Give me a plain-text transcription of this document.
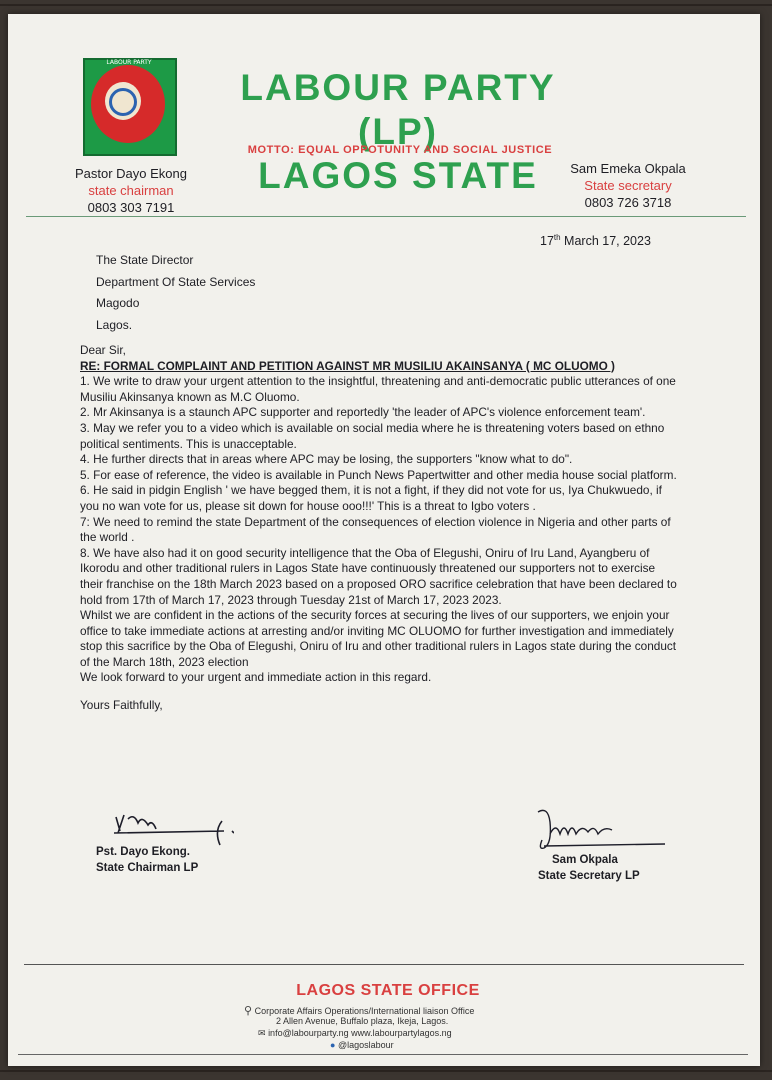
LABOUR PARTY
LABOUR PARTY (LP)
LAGOS STATE
MOTTO: EQUAL OPPOTUNITY AND SOCIAL JUSTICE
Pastor Dayo Ekong
state chairman
0803 303 7191
Sam Emeka Okpala
State secretary
0803 726 3718
17th March 17, 2023
The State Director
Department Of State Services
Magodo
Lagos.

Dear Sir,

RE: FORMAL COMPLAINT AND PETITION AGAINST MR MUSILIU AKAINSANYA ( MC OLUOMO )

1. We write to draw your urgent attention to the insightful, threatening and anti-democratic public utterances of one Musiliu Akinsanya known as M.C Oluomo.

2. Mr Akinsanya is a staunch APC supporter and reportedly 'the leader of APC's violence enforcement team'.

3. May we refer you to a video which is available on social media where he is threatening voters based on ethno political sentiments. This is unacceptable.

4. He further directs that in areas where APC may be losing, the supporters "know what to do".

5. For ease of reference, the video is available in Punch News Papertwitter and other media house social platform.

6. He said in pidgin English ' we have begged them, it is not a fight, if they did not vote for us, Iya Chukwuedo, if you no wan vote for us, please sit down for house ooo!!!' This is a threat to Igbo voters .

7: We need to remind the state Department of the consequences of election violence in Nigeria and other parts of the world .

8. We have also had it on good security intelligence that the Oba of Elegushi, Oniru of Iru Land, Ayangberu of Ikorodu and other traditional rulers in Lagos State have continuously threatened our supporters not to exercise their franchise on the 18th March 2023 based on a proposed ORO sacrifice celebration that have been declared to hold from 17th of March 17, 2023 through Tuesday 21st of March 17, 2023 2023.

Whilst we are confident in the actions of the security forces at securing the lives of our supporters, we enjoin your office to take immediate actions at arresting and/or inviting MC OLUOMO for further investigation and immediately stop this sacrifice by the Oba of Elegushi, Oniru of Iru and other traditional rulers in Lagos state during the conduct of the March 18th, 2023 election

We look forward to your urgent and immediate action in this regard.

Yours Faithfully,

Pst. Dayo Ekong.
State Chairman LP
Sam Okpala
State Secretary LP
LAGOS STATE OFFICE
⚲ Corporate Affairs Operations/International liaison Office
2 Allen Avenue, Buffalo plaza, Ikeja, Lagos.
✉ info@labourparty.ng www.labourpartylagos.ng
● @lagoslabour
